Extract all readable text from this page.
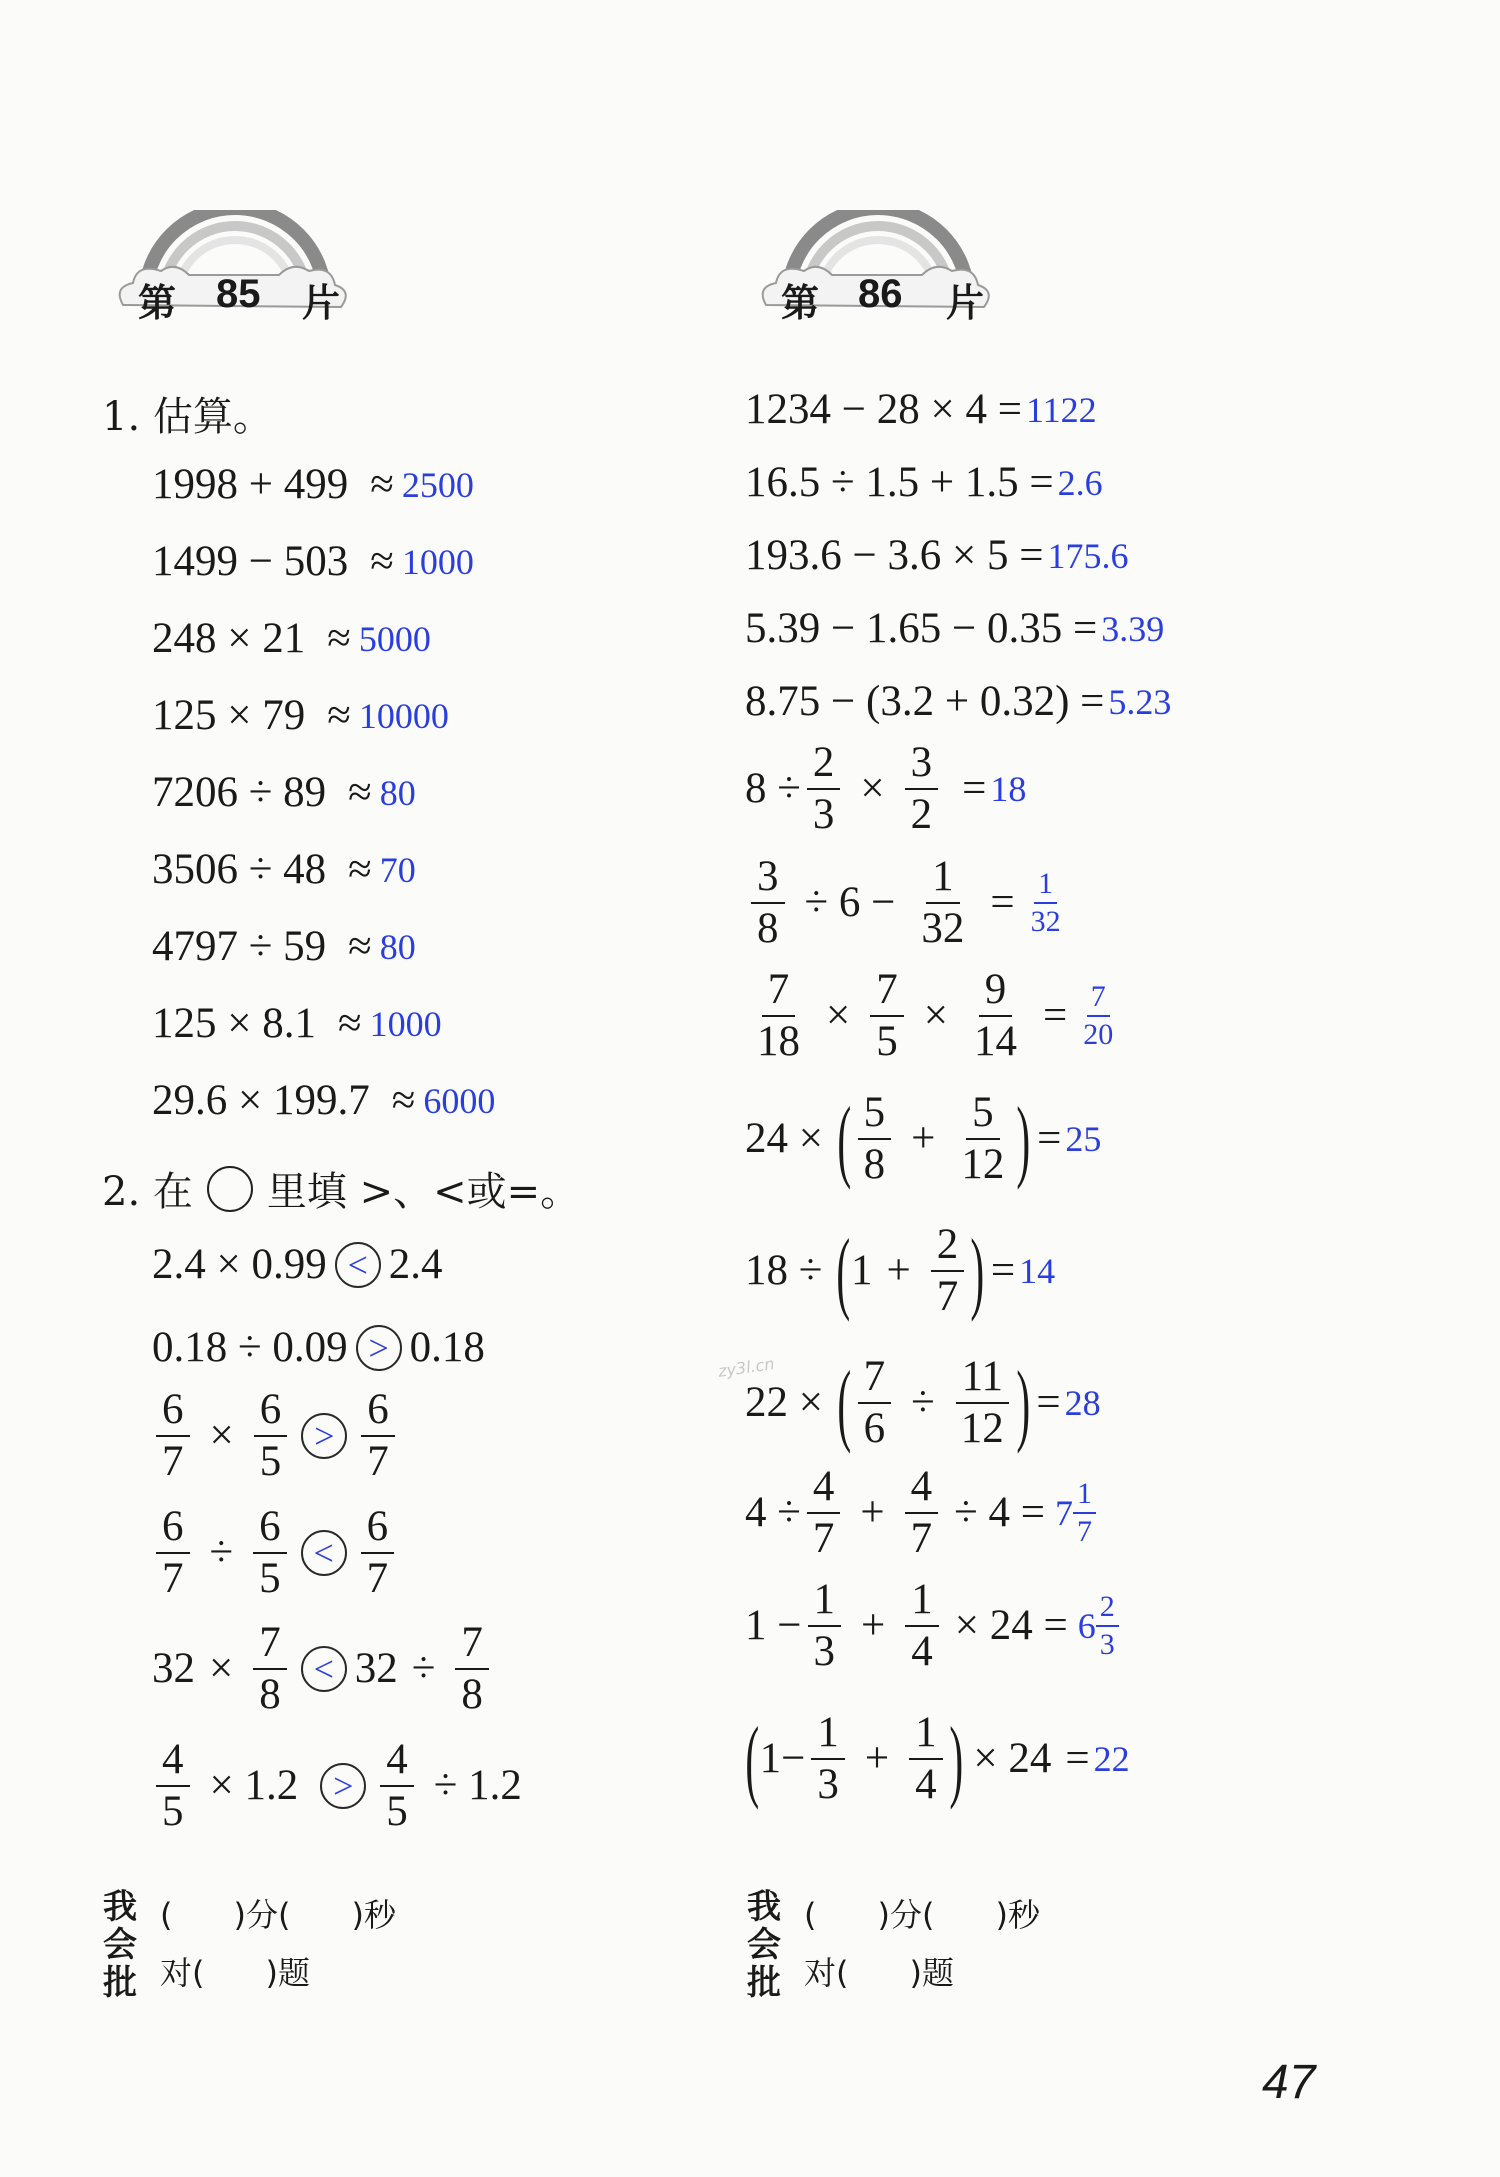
第 85 片	第 86 片
1. 估算。
1998 + 499 ≈ 2500
1499 − 503 ≈ 1000
248 × 21 ≈ 5000
125 × 79 ≈ 10000
7206 ÷ 89 ≈ 80
3506 ÷ 48 ≈ 70
4797 ÷ 59 ≈ 80
125 × 8.1 ≈ 1000
29.6 × 199.7 ≈ 6000
2. 在 里填 >、<或=。
2.4 × 0.99 < 2.4
0.18 ÷ 0.09 > 0.18
$\frac{6}{7} \times \frac{6}{5} > \frac{6}{7}$
$\frac{6}{7} \div \frac{6}{5} < \frac{6}{7}$
$32 \times \frac{7}{8} < 32 \div \frac{7}{8}$
$\frac{4}{5} \times 1.2 > \frac{4}{5} \div 1.2$
我
会
批
(      )分(      )秒
对(      )题
1234 − 28 × 4 = 1122
16.5 ÷ 1.5 + 1.5 = 2.6
193.6 − 3.6 × 5 = 175.6
5.39 − 1.65 − 0.35 = 3.39
8.75 − (3.2 + 0.32) = 5.23
$8 \div \frac{2}{3} \times \frac{3}{2} = 18$
$\frac{3}{8} \div 6 - \frac{1}{32} = \frac{1}{32}$
$\frac{7}{18} \times \frac{7}{5} \times \frac{9}{14} = \frac{7}{20}$
24 × ( $\frac{5}{8} + \frac{5}{12}$ ) = 25
18 ÷ ( $1 + \frac{2}{7}$ ) = 14
zy3l.cn
22 × ( $\frac{7}{6} \div \frac{11}{12}$ ) = 28
$4 \div \frac{4}{7} + \frac{4}{7} \div 4 = 7 \frac{1}{7}$
$1 - \frac{1}{3} + \frac{1}{4} \times 24 = 6 \frac{2}{3}$
( $1- \frac{1}{3} + \frac{1}{4}$ ) × 24 = 22
我
会
批
(      )分(      )秒
对(      )题
47
